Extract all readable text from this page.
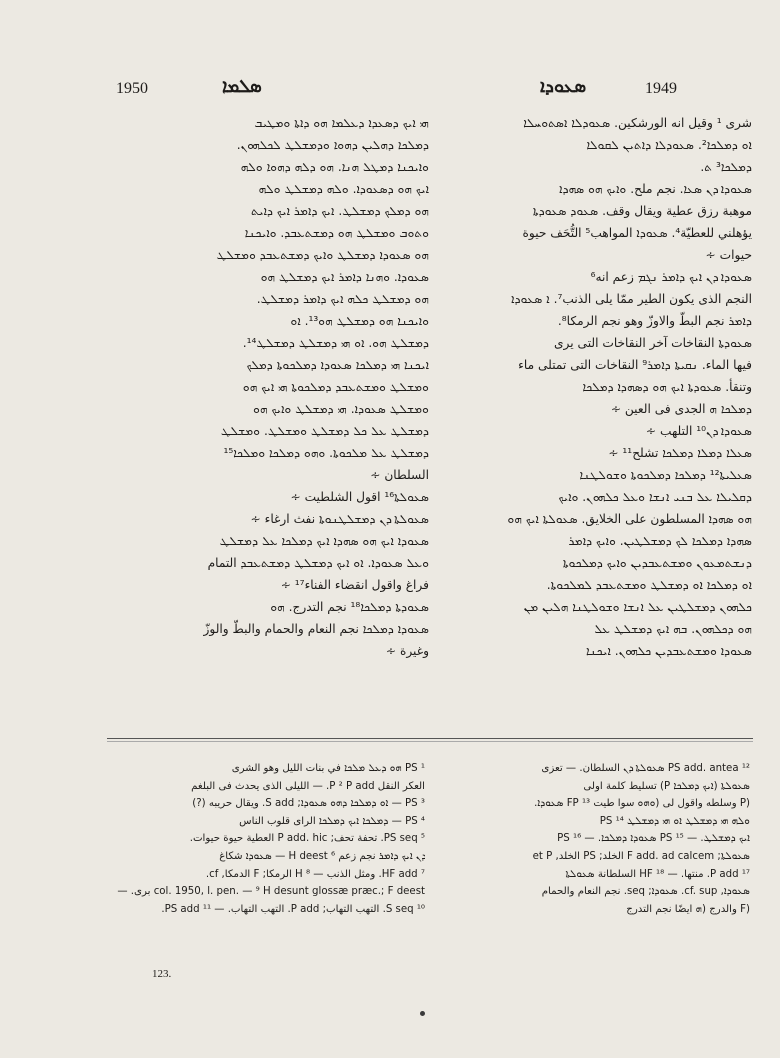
1950	ܣܠܡܐ	ܣܥܘܕܐ	1949
ܗܝ ܐܝܟ ܕܣܥܕܐ ܕܥܠܡܐ ܗܘ ܕܐܬܐ ܘܡܛܝܒ
ܕܡܠܟܐ ܕܗܠܝܢ ܕܗܘܐ ܘܕܡܫܠܛ ܠܟܠܗܘܢ.
ܘܐܝܟܢܐ ܕܡܛܠ ܗܢܐ. ܗܘ ܕܠܗ ܕܗܘܐ ܘܠܗ
ܐܝܟ ܗܘ ܕܣܥܘܕܐ. ܘܠܗ ܕܡܫܠܛ ܘܠܗ
ܗܘ ܕܡܠܟ ܕܡܫܠܛ. ܐܝܟ ܕܐܡܪ ܐܝܟ ܕܐܝܬ
ܘܬܘܒ ܘܡܫܠܛ ܗܘ ܕܡܫܬܥܒܕ. ܘܐܝܟܢܐ
ܗܘ ܣܥܘܕܐ ܕܡܫܠܛ ܘܐܝܟ ܕܡܫܬܥܒܕ ܘܡܫܠܛ
ܣܥܘܕܐ. ܘܗܢܐ ܕܐܡܪ ܐܝܟ ܕܡܫܠܛ ܗܘ
ܗܘ ܕܡܫܠܛ ܟܠܗ ܐܝܟ ܕܐܡܪ ܕܡܫܠܛ.
ܘܐܝܟܢܐ ܗܘ ܕܡܫܠܛ ܗܘ¹³. ܐܘ
ܕܡܫܠܛ ܗܘ. ܐܘ ܗܝ ܕܡܫܠܛ ܕܡܫܠܛ¹⁴.
ܐܝܟܢܐ ܗܝ ܕܡܠܟܐ ܣܥܘܕܐ ܕܡܠܟܘܬܐ ܕܡܠܟ
ܘܡܫܠܛ ܘܡܫܬܥܒܕ ܕܡܠܟܘܬܐ ܗܝ ܐܝܟ ܗܘ
ܘܡܫܠܛ ܣܥܘܕܐ. ܗܝ ܕܡܫܠܛ ܘܐܝܟ ܗܘ
ܕܡܫܠܛ ܥܠ ܟܠ ܕܡܫܠܛ ܘܡܫܠܛ. ܘܡܫܠܛ
ܕܡܫܠܛ ܥܠ ܡܠܟܘܬܐ. ܘܗܘ ܕܡܠܟܐ ܘܡܠܟܐ¹⁵
السلطان ∻
ܣܥܘܠܬܐ¹⁶ اقول الشلطيت ∻
ܣܥܘܠܬܐ ܕܢ ܕܡܫܠܛܢܘܬܐ نفث ارغاء ∻
ܣܥܘܕܐ ܐܝܟ ܗܘ ܣܗܕܐ ܐܝܟ ܕܡܠܟܐ ܥܠ ܕܡܫܠܛ
ܘܥܠ ܣܥܘܕܐ. ܐܘ ܐܝܟ ܕܡܫܠܛ ܕܡܫܬܥܒܕ التمام
فراغ واقول انقضاء الفناء¹⁷ ∻
ܣܥܘܕܬܐ ܕܡܠܟܐ¹⁸ نجم التدرج. ܗܘ
ܣܥܘܕܐ ܕܡܠܟܐ نجم النعام والحمام والبطّ والوزّ
وغيرة ∻
شرى ¹ وقيل انه الورشكين. ܣܥܘܕܠܐ ܐܣܬܘܚܠܐ
ܐܘ ܕܡܠܟܐ². ܣܥܘܕܠܐ ܕܐܬܝܢ ܠܩܘܠܐ
ܕܡܠܟܐ³ ܬ.
ܣܥܘܕܐ ܕܢ ܣܥܐ. نجم ملح. ܘܐܝܟ ܗܘ ܣܗܕܐ
موهبة رزق عطية ويقال وقف. ܣܥܘܕ ܣܥܘܕܬܐ
يؤهلني للعطيّة⁴. ܣܥܘܕܐ المواهب⁵ التُّحَف حيوة
حيوات ∻
ܣܥܘܕܐ ܕܢ ܐܝܟ ܕܐܡܪ ܢܓܡ زعم انه⁶
النجم الذى يكون الطير ممّا يلى الذنب⁷. ܐ ܣܥܘܕܐ
ܕܐܡܪ نجم البطّ والاوزّ وهو نجم الرمكا⁸.
ܣܥܘܕܬܐ النقاخات آخر النقاخات التى يرى
فيها الماء. ܢܩܝܬܐ ܕܐܡܪ⁹ النقاخات التى تمتلى ماء
وتنقأ. ܣܥܘܕܬܐ ܐܝܟ ܗܘ ܕܣܗܕܐ ܕܡܠܟܐ
ܕܡܠܟܐ ܗ الجدى فى العين ∻
ܣܥܘܕܐ ܕܢ¹⁰ التلهب ∻
ܣܥܠܐ ܕܡܠܐ ܕܡܠܟܐ تشلح¹¹ ∻
ܣܥܠܝܬܐ¹² ܕܡܠܟܐ ܕܡܠܟܘܬܐ ܘܫܘܠܛܢܐ
ܕܩܠܝܠܐ ܥܠ ܒܢܝ ܐܢܫܐ ܘܥܠ ܟܠܗܘܢ. ܘܐܝܟ
ܗܘ ܣܗܕܐ المسلطون على الخلايق. ܣܥܘܠܬܐ ܐܝܟ ܗܘ
ܣܗܕܐ ܕܡܠܟܐ ܠܟ ܕܡܫܠܛܝܢ. ܘܐܝܟ ܕܐܡܪ
ܕܢܫܬܡܥܘܢ ܘܡܫܬܥܒܕܝܢ ܘܐܝܟ ܕܡܠܟܘܬܐ
ܐܘ ܕܡܠܟܐ ܐܘ ܕܡܫܠܛ ܘܡܫܬܥܒܕ ܠܡܠܟܘܬܐ.
ܟܠܗܘܢ ܕܡܫܠܛܝܢ ܥܠ ܐܢܫܐ ܘܫܘܠܛܢܐ ܗܠܝܢ ܡܢ
ܗܘ ܕܟܠܗܘܢ. ܒܗ ܐܝܟ ܕܡܫܠܛ ܥܠ
ܣܥܘܕܐ ܘܡܫܬܥܒܕܝܢ ܟܠܗܘܢ. ܐܝܟܢܐ
¹ PS ܗܘ ܕܥܠ ܡܠܟܐ في بنات الليل وهو الشرى
العكر النقل P ² P add. — الليلى الذى يحدث فى البلغم
³ PS — ܐܘ ܕܡܠܟܐ ܕܗܘ ܣܥܘܕܐ; S add. ويقال حريبه (?)
PS ⁴ — ܕܡܠܟܐ ܐܝܟ ܕܡܠܟܐ الراى قلوب الناس
⁵ PS seq. تحفة تحف; P add. hic العطية حيوة حيوات.
ܕܢ ܐܝܟ ܕܐܡܪ نجم زعم ⁶ H deest — ܣܥܘܕܐ شكاغ
⁷ HF add. ومثل الذنب — ⁸ H الرمكا; F الدمكا, cf.
col. 1950, l. pen. — ⁹ H desunt glossæ præc.; F deest ﺑﺮى. —
¹⁰ S seq. التهب التهاب; P add. التهب التهاب. — ¹¹ PS add.
¹² PS add. antea ܣܥܘܠܬܐ ܕܢ السلطان. — تعزى
ܣܥܘܠܬܐ (ܐܝܟ ܕܡܠܟܐ P) تسليط كلمة اولى
(P وسلطه واقول لى (ܘܗܘ سوا طيت ¹³ FP ܣܥܘܕܐ.
ܘܠܗ ܗܝ ܕܡܫܠܛ ܐܘ ܗܝ ܕܡܫܠܛ ¹⁴ PS
ܐܝܟ ܕܡܫܠܛ. — ¹⁵ PS ܣܥܘܕܐ ܕܡܠܟܐ. — ¹⁶ PS
ܣܥܘܠܬܐ; F add. ad calcem الخلد; PS الخلد, et P
¹⁷ P add. منتها. — ¹⁸ HF السلطانة ܣܥܘܠܬܐ
ܣܥܘܕܐ, cf. sup. ܣܥܘܕܐ; seq. نجم النعام والحمام
(F والدرج (ܗ ايضًا نجم التدرج
123.
